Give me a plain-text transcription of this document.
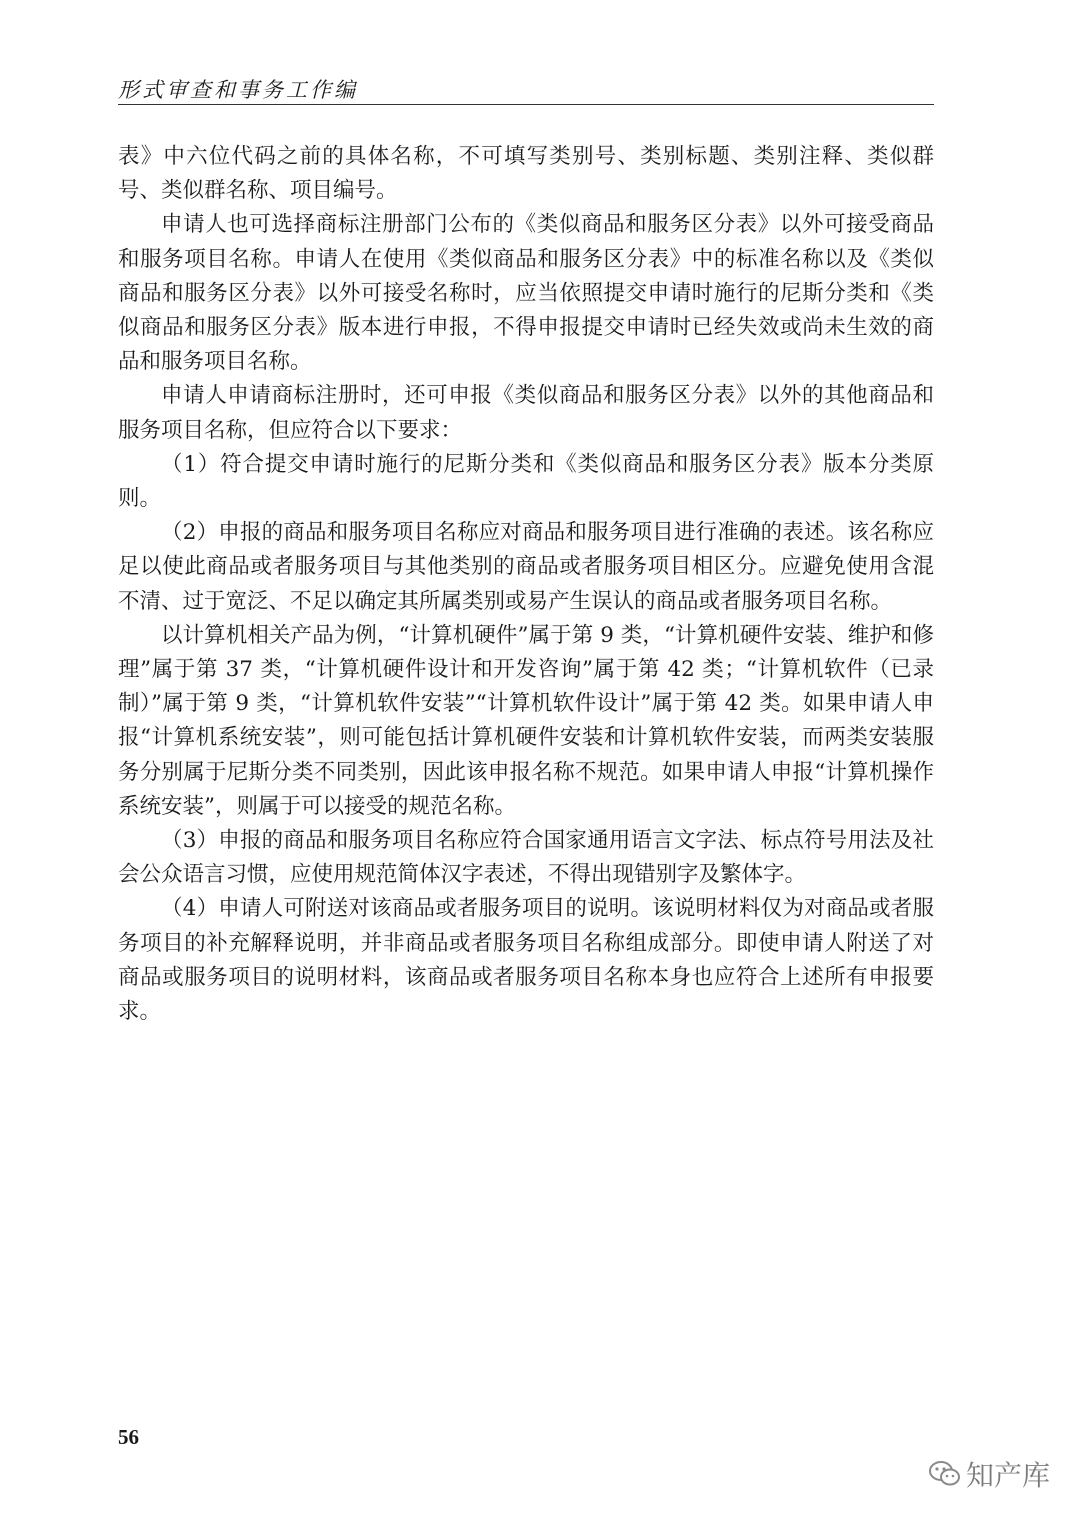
形式审查和事务工作编

表》中六位代码之前的具体名称，不可填写类别号、类别标题、类别注释、类似群号、类似群名称、项目编号。

申请人也可选择商标注册部门公布的《类似商品和服务区分表》以外可接受商品和服务项目名称。申请人在使用《类似商品和服务区分表》中的标准名称以及《类似商品和服务区分表》以外可接受名称时，应当依照提交申请时施行的尼斯分类和《类似商品和服务区分表》版本进行申报，不得申报提交申请时已经失效或尚未生效的商品和服务项目名称。

申请人申请商标注册时，还可申报《类似商品和服务区分表》以外的其他商品和服务项目名称，但应符合以下要求：

（1）符合提交申请时施行的尼斯分类和《类似商品和服务区分表》版本分类原则。

（2）申报的商品和服务项目名称应对商品和服务项目进行准确的表述。该名称应足以使此商品或者服务项目与其他类别的商品或者服务项目相区分。应避免使用含混不清、过于宽泛、不足以确定其所属类别或易产生误认的商品或者服务项目名称。

以计算机相关产品为例，“计算机硬件”属于第 9 类，“计算机硬件安装、维护和修理”属于第 37 类，“计算机硬件设计和开发咨询”属于第 42 类；“计算机软件（已录制）”属于第 9 类，“计算机软件安装”“计算机软件设计”属于第 42 类。如果申请人申报“计算机系统安装”，则可能包括计算机硬件安装和计算机软件安装，而两类安装服务分别属于尼斯分类不同类别，因此该申报名称不规范。如果申请人申报“计算机操作系统安装”，则属于可以接受的规范名称。

（3）申报的商品和服务项目名称应符合国家通用语言文字法、标点符号用法及社会公众语言习惯，应使用规范简体汉字表述，不得出现错别字及繁体字。

（4）申请人可附送对该商品或者服务项目的说明。该说明材料仅为对商品或者服务项目的补充解释说明，并非商品或者服务项目名称组成部分。即使申请人附送了对商品或服务项目的说明材料，该商品或者服务项目名称本身也应符合上述所有申报要求。

56
知产库
